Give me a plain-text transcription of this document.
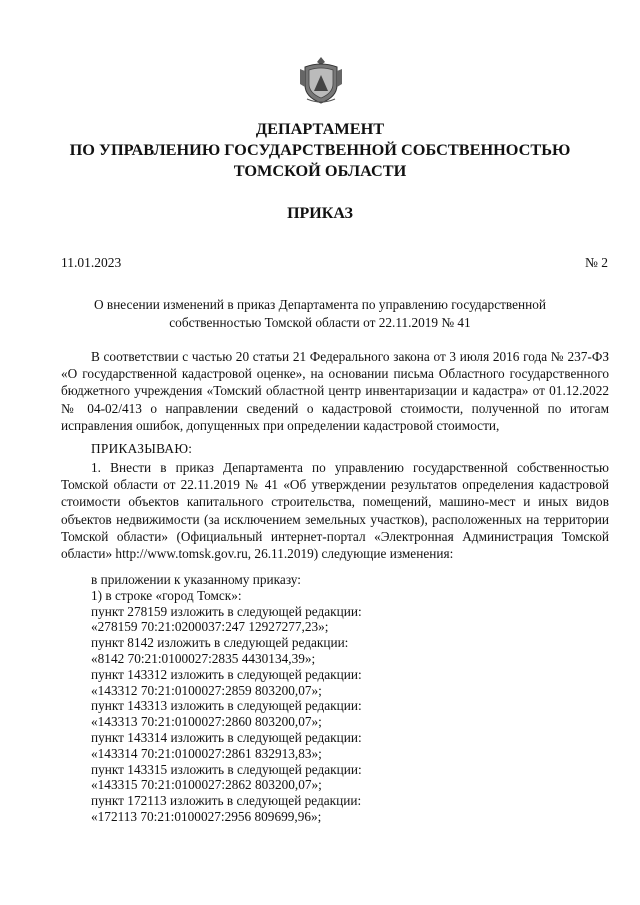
ДЕПАРТАМЕНТ
ПО УПРАВЛЕНИЮ ГОСУДАРСТВЕННОЙ СОБСТВЕННОСТЬЮ
ТОМСКОЙ ОБЛАСТИ
ПРИКАЗ
11.01.2023	№ 2
О внесении изменений в приказ Департамента по управлению государственной
собственностью Томской области от 22.11.2019 № 41
В соответствии с частью 20 статьи 21 Федерального закона от 3 июля 2016 года № 237-ФЗ «О государственной кадастровой оценке», на основании письма Областного государственного бюджетного учреждения «Томский областной центр инвентаризации и кадастра» от 01.12.2022 № 04-02/413 о направлении сведений о кадастровой стоимости, полученной по итогам исправления ошибок, допущенных при определении кадастровой стоимости,
ПРИКАЗЫВАЮ:
1. Внести в приказ Департамента по управлению государственной собственностью Томской области от 22.11.2019 № 41 «Об утверждении результатов определения кадастровой стоимости объектов капитального строительства, помещений, машино-мест и иных видов объектов недвижимости (за исключением земельных участков), расположенных на территории Томской области» (Официальный интернет-портал «Электронная Администрация Томской области» http://www.tomsk.gov.ru, 26.11.2019) следующие изменения:
в приложении к указанному приказу:
1) в строке «город Томск»:
пункт 278159 изложить в следующей редакции:
«278159 70:21:0200037:247 12927277,23»;
пункт 8142 изложить в следующей редакции:
«8142 70:21:0100027:2835 4430134,39»;
пункт 143312 изложить в следующей редакции:
«143312 70:21:0100027:2859 803200,07»;
пункт 143313 изложить в следующей редакции:
«143313 70:21:0100027:2860 803200,07»;
пункт 143314 изложить в следующей редакции:
«143314 70:21:0100027:2861 832913,83»;
пункт 143315 изложить в следующей редакции:
«143315 70:21:0100027:2862 803200,07»;
пункт 172113 изложить в следующей редакции:
«172113 70:21:0100027:2956 809699,96»;
